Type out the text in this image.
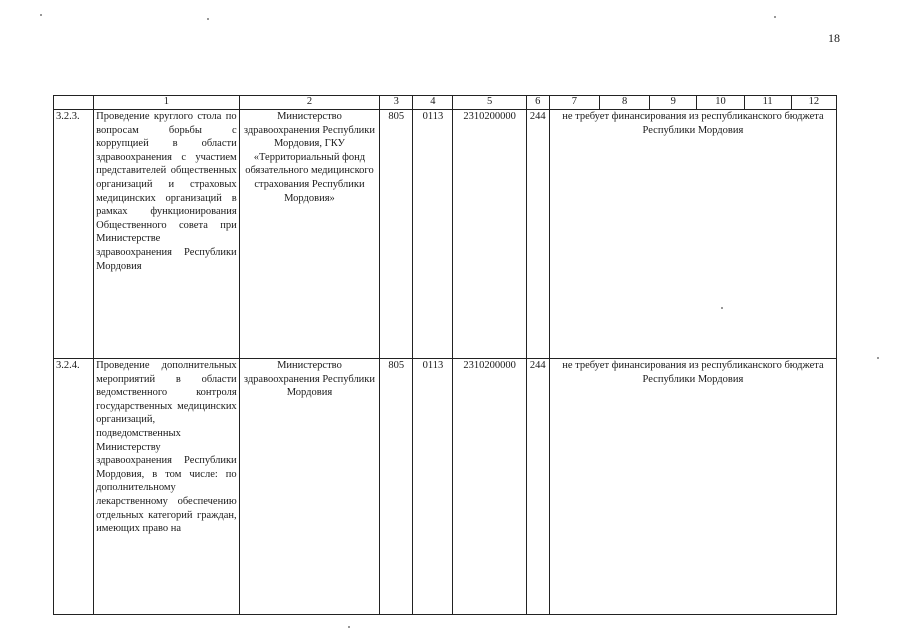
18
	1	2	3	4	5	6	7	8	9	10	11	12
3.2.3.	Проведение круглого стола по вопросам борьбы с коррупцией в области здравоохранения с участием представителей общественных организаций и страховых медицинских организаций в рамках функционирования Общественного совета при Министерстве здравоохранения Республики Мордовия	Министерство здравоохранения Республики Мордовия, ГКУ «Территориальный фонд обязательного медицинского страхования Республики Мордовия»	805	0113	2310200000	244	не требует финансирования из республиканского бюджета Республики Мордовия					
3.2.4.	Проведение дополнительных мероприятий в области ведомственного контроля государственных медицинских организаций, подведомственных Министерству здравоохранения Республики Мордовия, в том числе: по дополнительному лекарственному обеспечению отдельных категорий граждан, имеющих право на	Министерство здравоохранения Республики Мордовия	805	0113	2310200000	244	не требует финансирования из республиканского бюджета Республики Мордовия					
